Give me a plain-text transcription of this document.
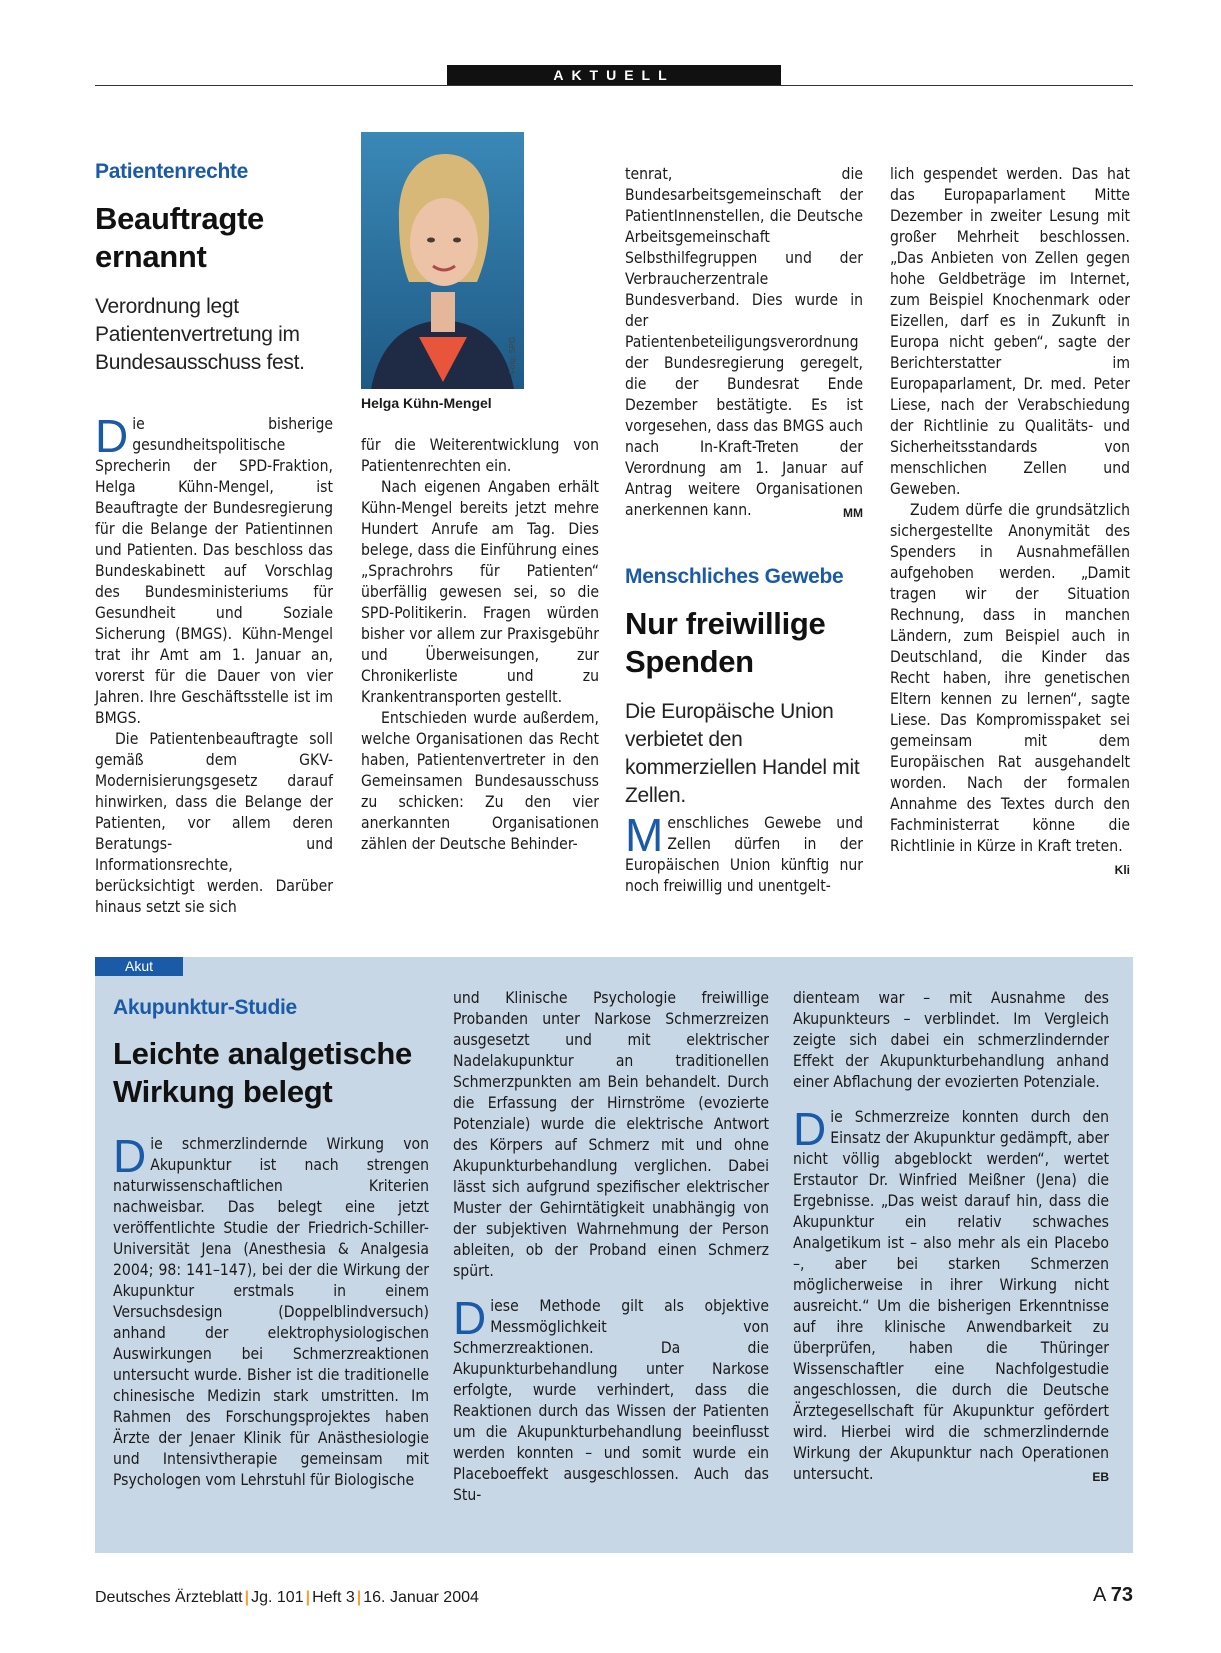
AKTUELL
Patientenrechte
Beauftragte ernannt
Verordnung legt Patientenvertretung im Bundesausschuss fest.

Die bisherige gesundheitspolitische Sprecherin der SPD-Fraktion, Helga Kühn-Mengel, ist Beauftragte der Bundesregierung für die Belange der Patientinnen und Patienten. Das beschloss das Bundeskabinett auf Vorschlag des Bundesministeriums für Gesundheit und Soziale Sicherung (BMGS). Kühn-Mengel trat ihr Amt am 1. Januar an, vorerst für die Dauer von vier Jahren. Ihre Geschäftsstelle ist im BMGS.

Die Patientenbeauftragte soll gemäß dem GKV-Modernisierungsgesetz darauf hinwirken, dass die Belange der Patienten, vor allem deren Beratungs- und Informationsrechte, berücksichtigt werden. Darüber hinaus setzt sie sich

Foto: SPD
Helga Kühn-Mengel

für die Weiterentwicklung von Patientenrechten ein.

Nach eigenen Angaben erhält Kühn-Mengel bereits jetzt mehre Hundert Anrufe am Tag. Dies belege, dass die Einführung eines „Sprachrohrs für Patienten“ überfällig gewesen sei, so die SPD-Politikerin. Fragen würden bisher vor allem zur Praxisgebühr und Überweisungen, zur Chronikerliste und zu Krankentransporten gestellt.

Entschieden wurde außerdem, welche Organisationen das Recht haben, Patientenvertreter in den Gemeinsamen Bundesausschuss zu schicken: Zu den vier anerkannten Organisationen zählen der Deutsche Behinder-

tenrat, die Bundesarbeitsgemeinschaft der PatientInnenstellen, die Deutsche Arbeitsgemeinschaft Selbsthilfegruppen und der Verbraucherzentrale Bundesverband. Dies wurde in der Patientenbeteiligungsverordnung der Bundesregierung geregelt, die der Bundesrat Ende Dezember bestätigte. Es ist vorgesehen, dass das BMGS auch nach In-Kraft-Treten der Verordnung am 1. Januar auf Antrag weitere Organisationen anerkennen kann.	MM

Menschliches Gewebe
Nur freiwillige Spenden
Die Europäische Union verbietet den kommerziellen Handel mit Zellen.

Menschliches Gewebe und Zellen dürfen in der Europäischen Union künftig nur noch freiwillig und unentgelt-

lich gespendet werden. Das hat das Europaparlament Mitte Dezember in zweiter Lesung mit großer Mehrheit beschlossen. „Das Anbieten von Zellen gegen hohe Geldbeträge im Internet, zum Beispiel Knochenmark oder Eizellen, darf es in Zukunft in Europa nicht geben“, sagte der Berichterstatter im Europaparlament, Dr. med. Peter Liese, nach der Verabschiedung der Richtlinie zu Qualitäts- und Sicherheitsstandards von menschlichen Zellen und Geweben.

Zudem dürfe die grundsätzlich sichergestellte Anonymität des Spenders in Ausnahmefällen aufgehoben werden. „Damit tragen wir der Situation Rechnung, dass in manchen Ländern, zum Beispiel auch in Deutschland, die Kinder das Recht haben, ihre genetischen Eltern kennen zu lernen“, sagte Liese. Das Kompromisspaket sei gemeinsam mit dem Europäischen Rat ausgehandelt worden. Nach der formalen Annahme des Textes durch den Fachministerrat könne die Richtlinie in Kürze in Kraft treten.
Kli

Akut
Akupunktur-Studie
Leichte analgetische Wirkung belegt

Die schmerzlindernde Wirkung von Akupunktur ist nach strengen naturwissenschaftlichen Kriterien nachweisbar. Das belegt eine jetzt veröffentlichte Studie der Friedrich-Schiller-Universität Jena (Anesthesia & Analgesia 2004; 98: 141–147), bei der die Wirkung der Akupunktur erstmals in einem Versuchsdesign (Doppelblindversuch) anhand der elektrophysiologischen Auswirkungen bei Schmerzreaktionen untersucht wurde. Bisher ist die traditionelle chinesische Medizin stark umstritten. Im Rahmen des Forschungsprojektes haben Ärzte der Jenaer Klinik für Anästhesiologie und Intensivtherapie gemeinsam mit Psychologen vom Lehrstuhl für Biologische

und Klinische Psychologie freiwillige Probanden unter Narkose Schmerzreizen ausgesetzt und mit elektrischer Nadelakupunktur an traditionellen Schmerzpunkten am Bein behandelt. Durch die Erfassung der Hirnströme (evozierte Potenziale) wurde die elektrische Antwort des Körpers auf Schmerz mit und ohne Akupunkturbehandlung verglichen. Dabei lässt sich aufgrund spezifischer elektrischer Muster der Gehirntätigkeit unabhängig von der subjektiven Wahrnehmung der Person ableiten, ob der Proband einen Schmerz spürt.

Diese Methode gilt als objektive Messmöglichkeit von Schmerzreaktionen. Da die Akupunkturbehandlung unter Narkose erfolgte, wurde verhindert, dass die Reaktionen durch das Wissen der Patienten um die Akupunkturbehandlung beeinflusst werden konnten – und somit wurde ein Placeboeffekt ausgeschlossen. Auch das Stu-

dienteam war – mit Ausnahme des Akupunkteurs – verblindet. Im Vergleich zeigte sich dabei ein schmerzlindernder Effekt der Akupunkturbehandlung anhand einer Abflachung der evozierten Potenziale.

Die Schmerzreize konnten durch den Einsatz der Akupunktur gedämpft, aber nicht völlig abgeblockt werden“, wertet Erstautor Dr. Winfried Meißner (Jena) die Ergebnisse. „Das weist darauf hin, dass die Akupunktur ein relativ schwaches Analgetikum ist – also mehr als ein Placebo –, aber bei starken Schmerzen möglicherweise in ihrer Wirkung nicht ausreicht.“ Um die bisherigen Erkenntnisse auf ihre klinische Anwendbarkeit zu überprüfen, haben die Thüringer Wissenschaftler eine Nachfolgestudie angeschlossen, die durch die Deutsche Ärztegesellschaft für Akupunktur gefördert wird. Hierbei wird die schmerzlindernde Wirkung der Akupunktur nach Operationen untersucht.	EB

Deutsches Ärzteblatt | Jg. 101 | Heft 3 | 16. Januar 2004	A 73
